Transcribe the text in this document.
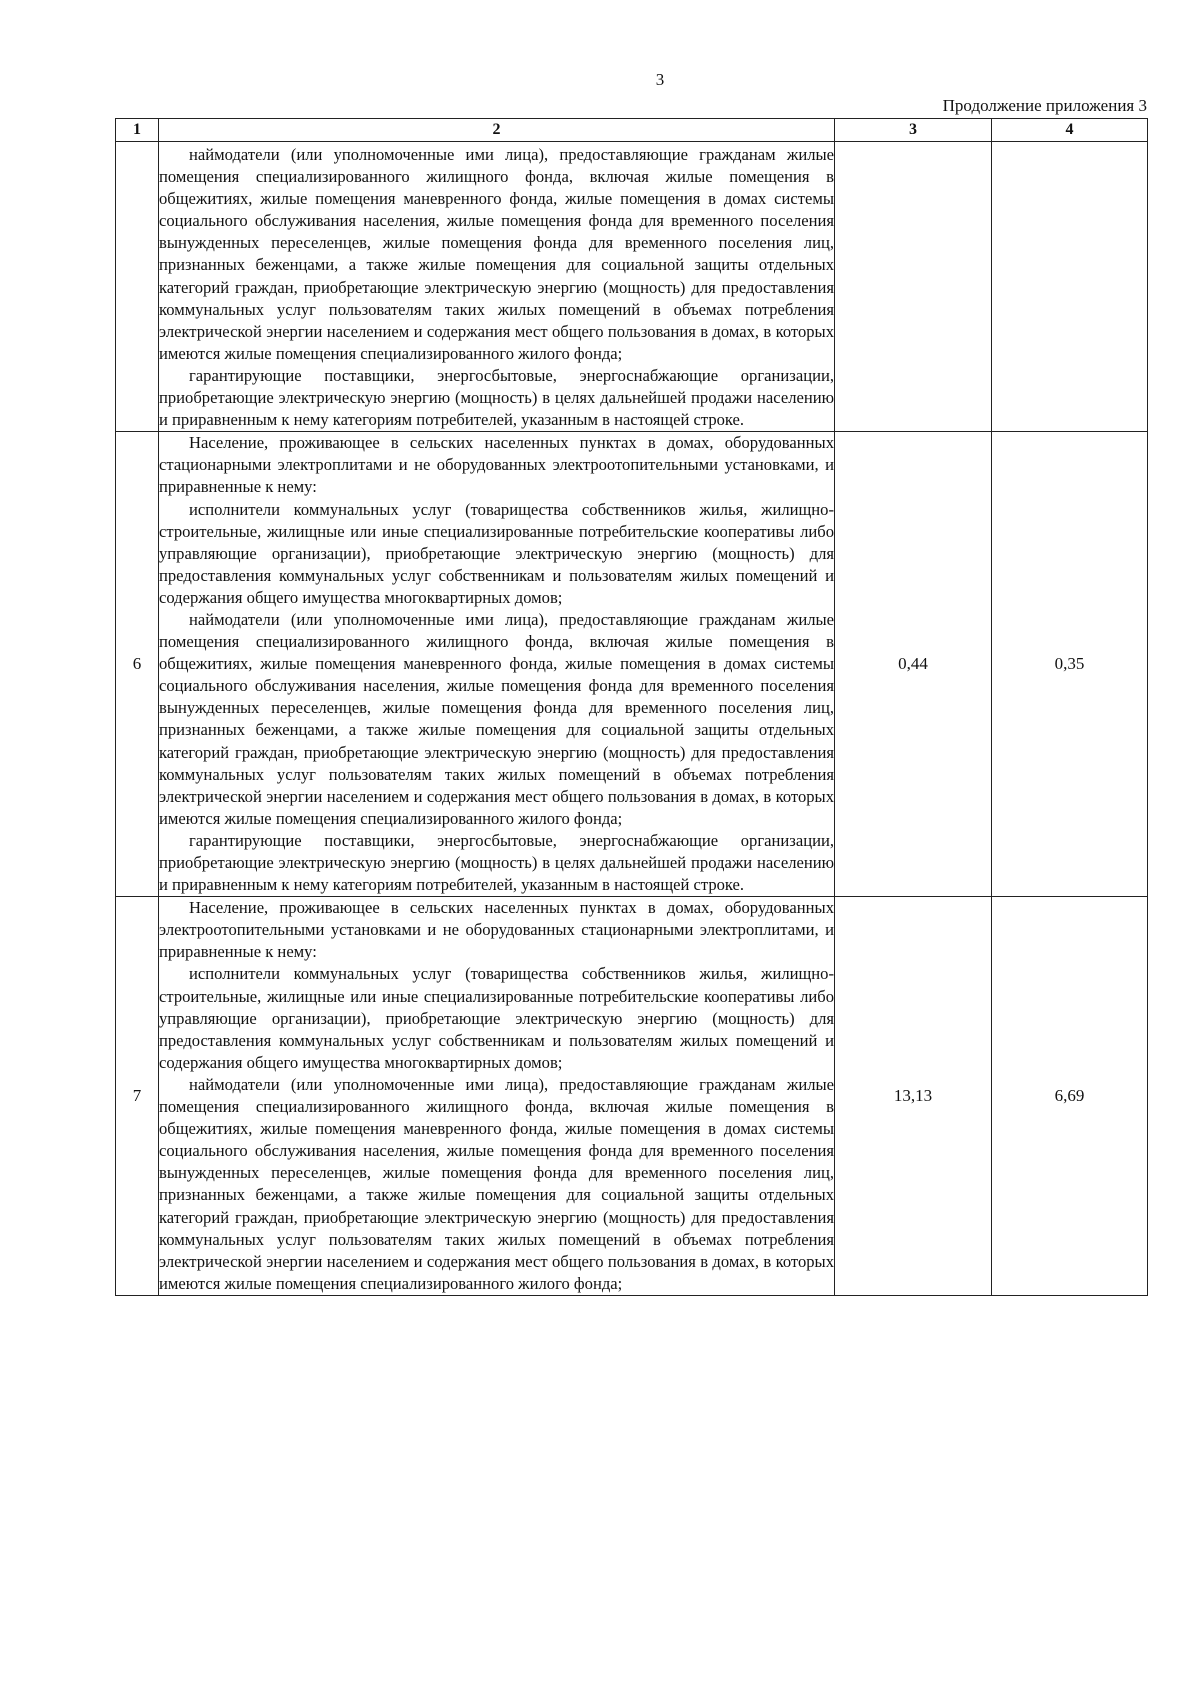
3
Продолжение приложения 3
1	2	3	4

	наймодатели (или уполномоченные ими лица), предоставляющие гражданам жилые помещения специализированного жилищного фонда, включая жилые помещения в общежитиях, жилые помещения маневренного фонда, жилые помещения в домах системы социального обслуживания населения, жилые помещения фонда для временного поселения вынужденных переселенцев, жилые помещения фонда для временного поселения лиц, признанных беженцами, а также жилые помещения для социальной защиты отдельных категорий граждан, приобретающие электрическую энергию (мощность) для предоставления коммунальных услуг пользователям таких жилых помещений в объемах потребления электрической энергии населением и содержания мест общего пользования в домах, в которых имеются жилые помещения специализированного жилого фонда;

гарантирующие поставщики, энергосбытовые, энергоснабжающие организации, приобретающие электрическую энергию (мощность) в целях дальнейшей продажи населению и приравненным к нему категориям потребителей, указанным в настоящей строке.		

6	Население, проживающее в сельских населенных пунктах в домах, оборудованных стационарными электроплитами и не оборудованных электроотопительными установками, и приравненные к нему:

исполнители коммунальных услуг (товарищества собственников жилья, жилищно-строительные, жилищные или иные специализированные потребительские кооперативы либо управляющие организации), приобретающие электрическую энергию (мощность) для предоставления коммунальных услуг собственникам и пользователям жилых помещений и содержания общего имущества многоквартирных домов;

наймодатели (или уполномоченные ими лица), предоставляющие гражданам жилые помещения специализированного жилищного фонда, включая жилые помещения в общежитиях, жилые помещения маневренного фонда, жилые помещения в домах системы социального обслуживания населения, жилые помещения фонда для временного поселения вынужденных переселенцев, жилые помещения фонда для временного поселения лиц, признанных беженцами, а также жилые помещения для социальной защиты отдельных категорий граждан, приобретающие электрическую энергию (мощность) для предоставления коммунальных услуг пользователям таких жилых помещений в объемах потребления электрической энергии населением и содержания мест общего пользования в домах, в которых имеются жилые помещения специализированного жилого фонда;

гарантирующие поставщики, энергосбытовые, энергоснабжающие организации, приобретающие электрическую энергию (мощность) в целях дальнейшей продажи населению и приравненным к нему категориям потребителей, указанным в настоящей строке.	0,44	0,35
7	Население, проживающее в сельских населенных пунктах в домах, оборудованных электроотопительными установками и не оборудованных стационарными электроплитами, и приравненные к нему:

исполнители коммунальных услуг (товарищества собственников жилья, жилищно-строительные, жилищные или иные специализированные потребительские кооперативы либо управляющие организации), приобретающие электрическую энергию (мощность) для предоставления коммунальных услуг собственникам и пользователям жилых помещений и содержания общего имущества многоквартирных домов;

наймодатели (или уполномоченные ими лица), предоставляющие гражданам жилые помещения специализированного жилищного фонда, включая жилые помещения в общежитиях, жилые помещения маневренного фонда, жилые помещения в домах системы социального обслуживания населения, жилые помещения фонда для временного поселения вынужденных переселенцев, жилые помещения фонда для временного поселения лиц, признанных беженцами, а также жилые помещения для социальной защиты отдельных категорий граждан, приобретающие электрическую энергию (мощность) для предоставления коммунальных услуг пользователям таких жилых помещений в объемах потребления электрической энергии населением и содержания мест общего пользования в домах, в которых имеются жилые помещения специализированного жилого фонда;	13,13	6,69
